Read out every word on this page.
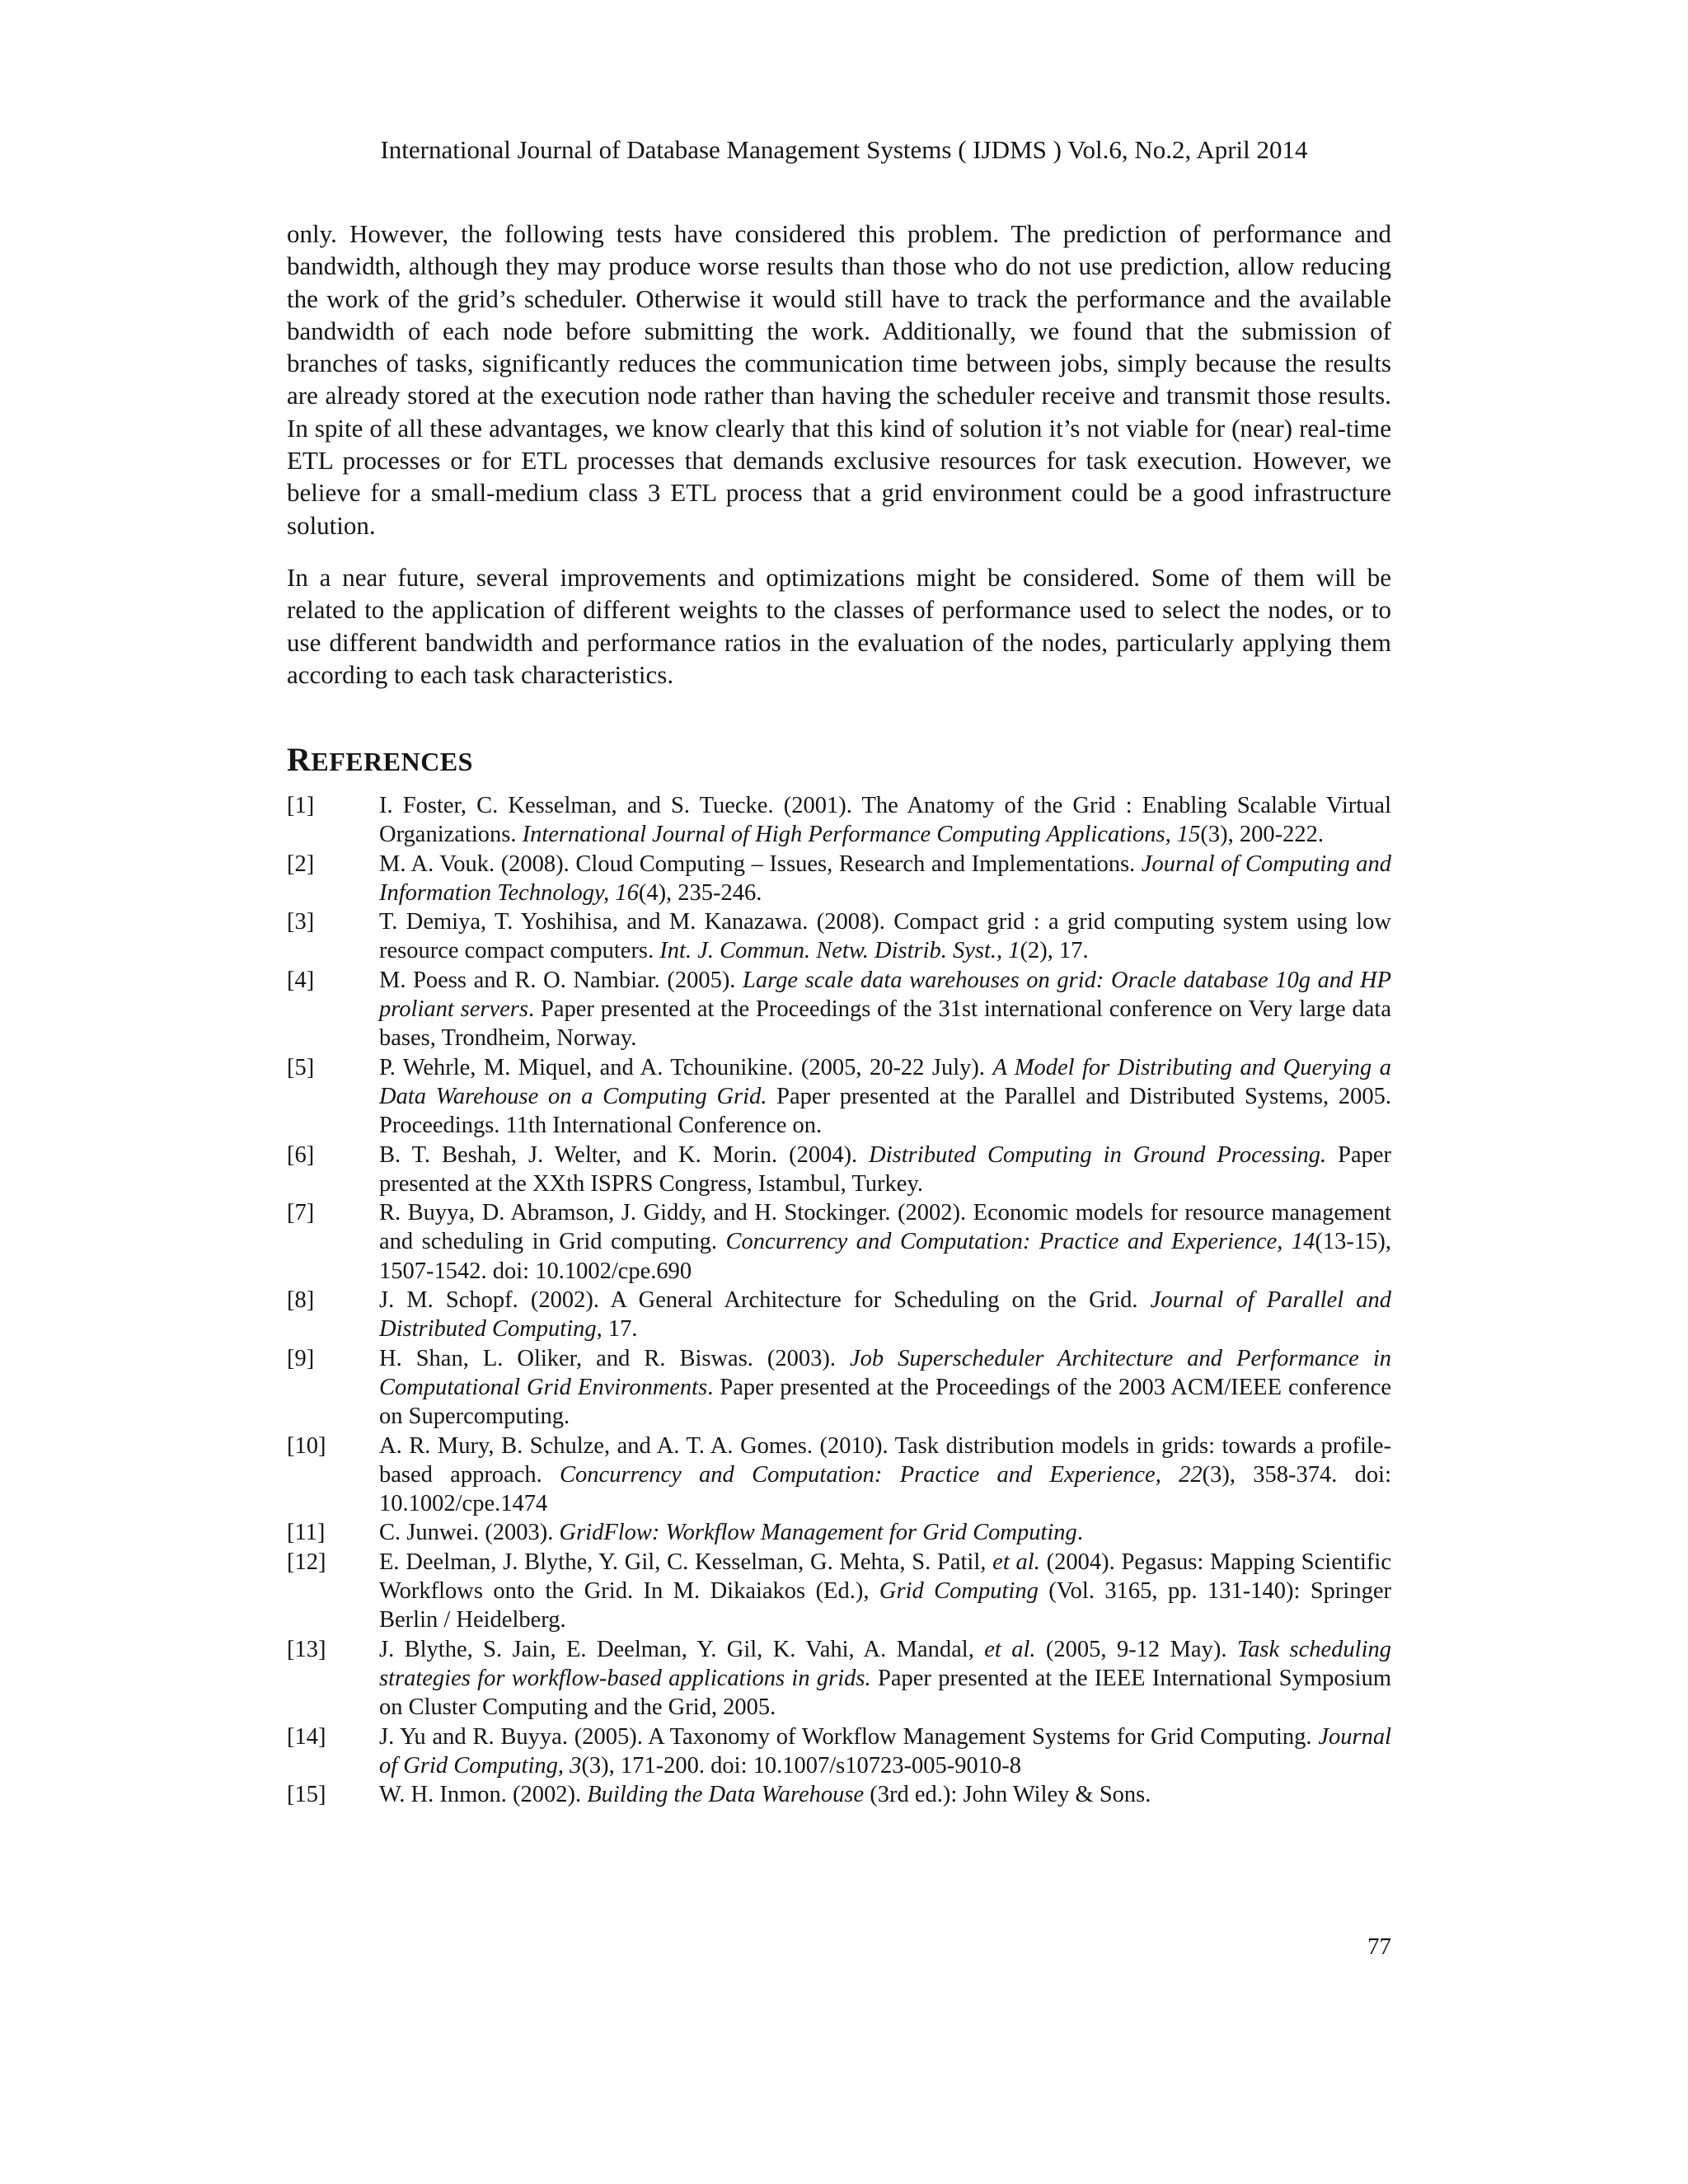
International Journal of Database Management Systems ( IJDMS ) Vol.6, No.2, April 2014

only. However, the following tests have considered this problem. The prediction of performance and bandwidth, although they may produce worse results than those who do not use prediction, allow reducing the work of the grid’s scheduler. Otherwise it would still have to track the performance and the available bandwidth of each node before submitting the work. Additionally, we found that the submission of branches of tasks, significantly reduces the communication time between jobs, simply because the results are already stored at the execution node rather than having the scheduler receive and transmit those results. In spite of all these advantages, we know clearly that this kind of solution it’s not viable for (near) real-time ETL processes or for ETL processes that demands exclusive resources for task execution. However, we believe for a small-medium class 3 ETL process that a grid environment could be a good infrastructure solution.

In a near future, several improvements and optimizations might be considered. Some of them will be related to the application of different weights to the classes of performance used to select the nodes, or to use different bandwidth and performance ratios in the evaluation of the nodes, particularly applying them according to each task characteristics.

REFERENCES
[1]	I. Foster, C. Kesselman, and S. Tuecke. (2001). The Anatomy of the Grid : Enabling Scalable Virtual Organizations. International Journal of High Performance Computing Applications, 15(3), 200-222.
[2]	M. A. Vouk. (2008). Cloud Computing – Issues, Research and Implementations. Journal of Computing and Information Technology, 16(4), 235-246.
[3]	T. Demiya, T. Yoshihisa, and M. Kanazawa. (2008). Compact grid : a grid computing system using low resource compact computers. Int. J. Commun. Netw. Distrib. Syst., 1(2), 17.
[4]	M. Poess and R. O. Nambiar. (2005). Large scale data warehouses on grid: Oracle database 10g and HP proliant servers. Paper presented at the Proceedings of the 31st international conference on Very large data bases, Trondheim, Norway.
[5]	P. Wehrle, M. Miquel, and A. Tchounikine. (2005, 20-22 July). A Model for Distributing and Querying a Data Warehouse on a Computing Grid. Paper presented at the Parallel and Distributed Systems, 2005. Proceedings. 11th International Conference on.
[6]	B. T. Beshah, J. Welter, and K. Morin. (2004). Distributed Computing in Ground Processing. Paper presented at the XXth ISPRS Congress, Istambul, Turkey.
[7]	R. Buyya, D. Abramson, J. Giddy, and H. Stockinger. (2002). Economic models for resource management and scheduling in Grid computing. Concurrency and Computation: Practice and Experience, 14(13-15), 1507-1542. doi: 10.1002/cpe.690
[8]	J. M. Schopf. (2002). A General Architecture for Scheduling on the Grid. Journal of Parallel and Distributed Computing, 17.
[9]	H. Shan, L. Oliker, and R. Biswas. (2003). Job Superscheduler Architecture and Performance in Computational Grid Environments. Paper presented at the Proceedings of the 2003 ACM/IEEE conference on Supercomputing.
[10] A. R. Mury, B. Schulze, and A. T. A. Gomes. (2010). Task distribution models in grids: towards a profile-based approach. Concurrency and Computation: Practice and Experience, 22(3), 358-374. doi: 10.1002/cpe.1474
[11] C. Junwei. (2003). GridFlow: Workflow Management for Grid Computing.
[12] E. Deelman, J. Blythe, Y. Gil, C. Kesselman, G. Mehta, S. Patil, et al. (2004). Pegasus: Mapping Scientific Workflows onto the Grid. In M. Dikaiakos (Ed.), Grid Computing (Vol. 3165, pp. 131-140): Springer Berlin / Heidelberg.
[13] J. Blythe, S. Jain, E. Deelman, Y. Gil, K. Vahi, A. Mandal, et al. (2005, 9-12 May). Task scheduling strategies for workflow-based applications in grids. Paper presented at the IEEE International Symposium on Cluster Computing and the Grid, 2005.
[14] J. Yu and R. Buyya. (2005). A Taxonomy of Workflow Management Systems for Grid Computing. Journal of Grid Computing, 3(3), 171-200. doi: 10.1007/s10723-005-9010-8
[15] W. H. Inmon. (2002). Building the Data Warehouse (3rd ed.): John Wiley & Sons.
77
